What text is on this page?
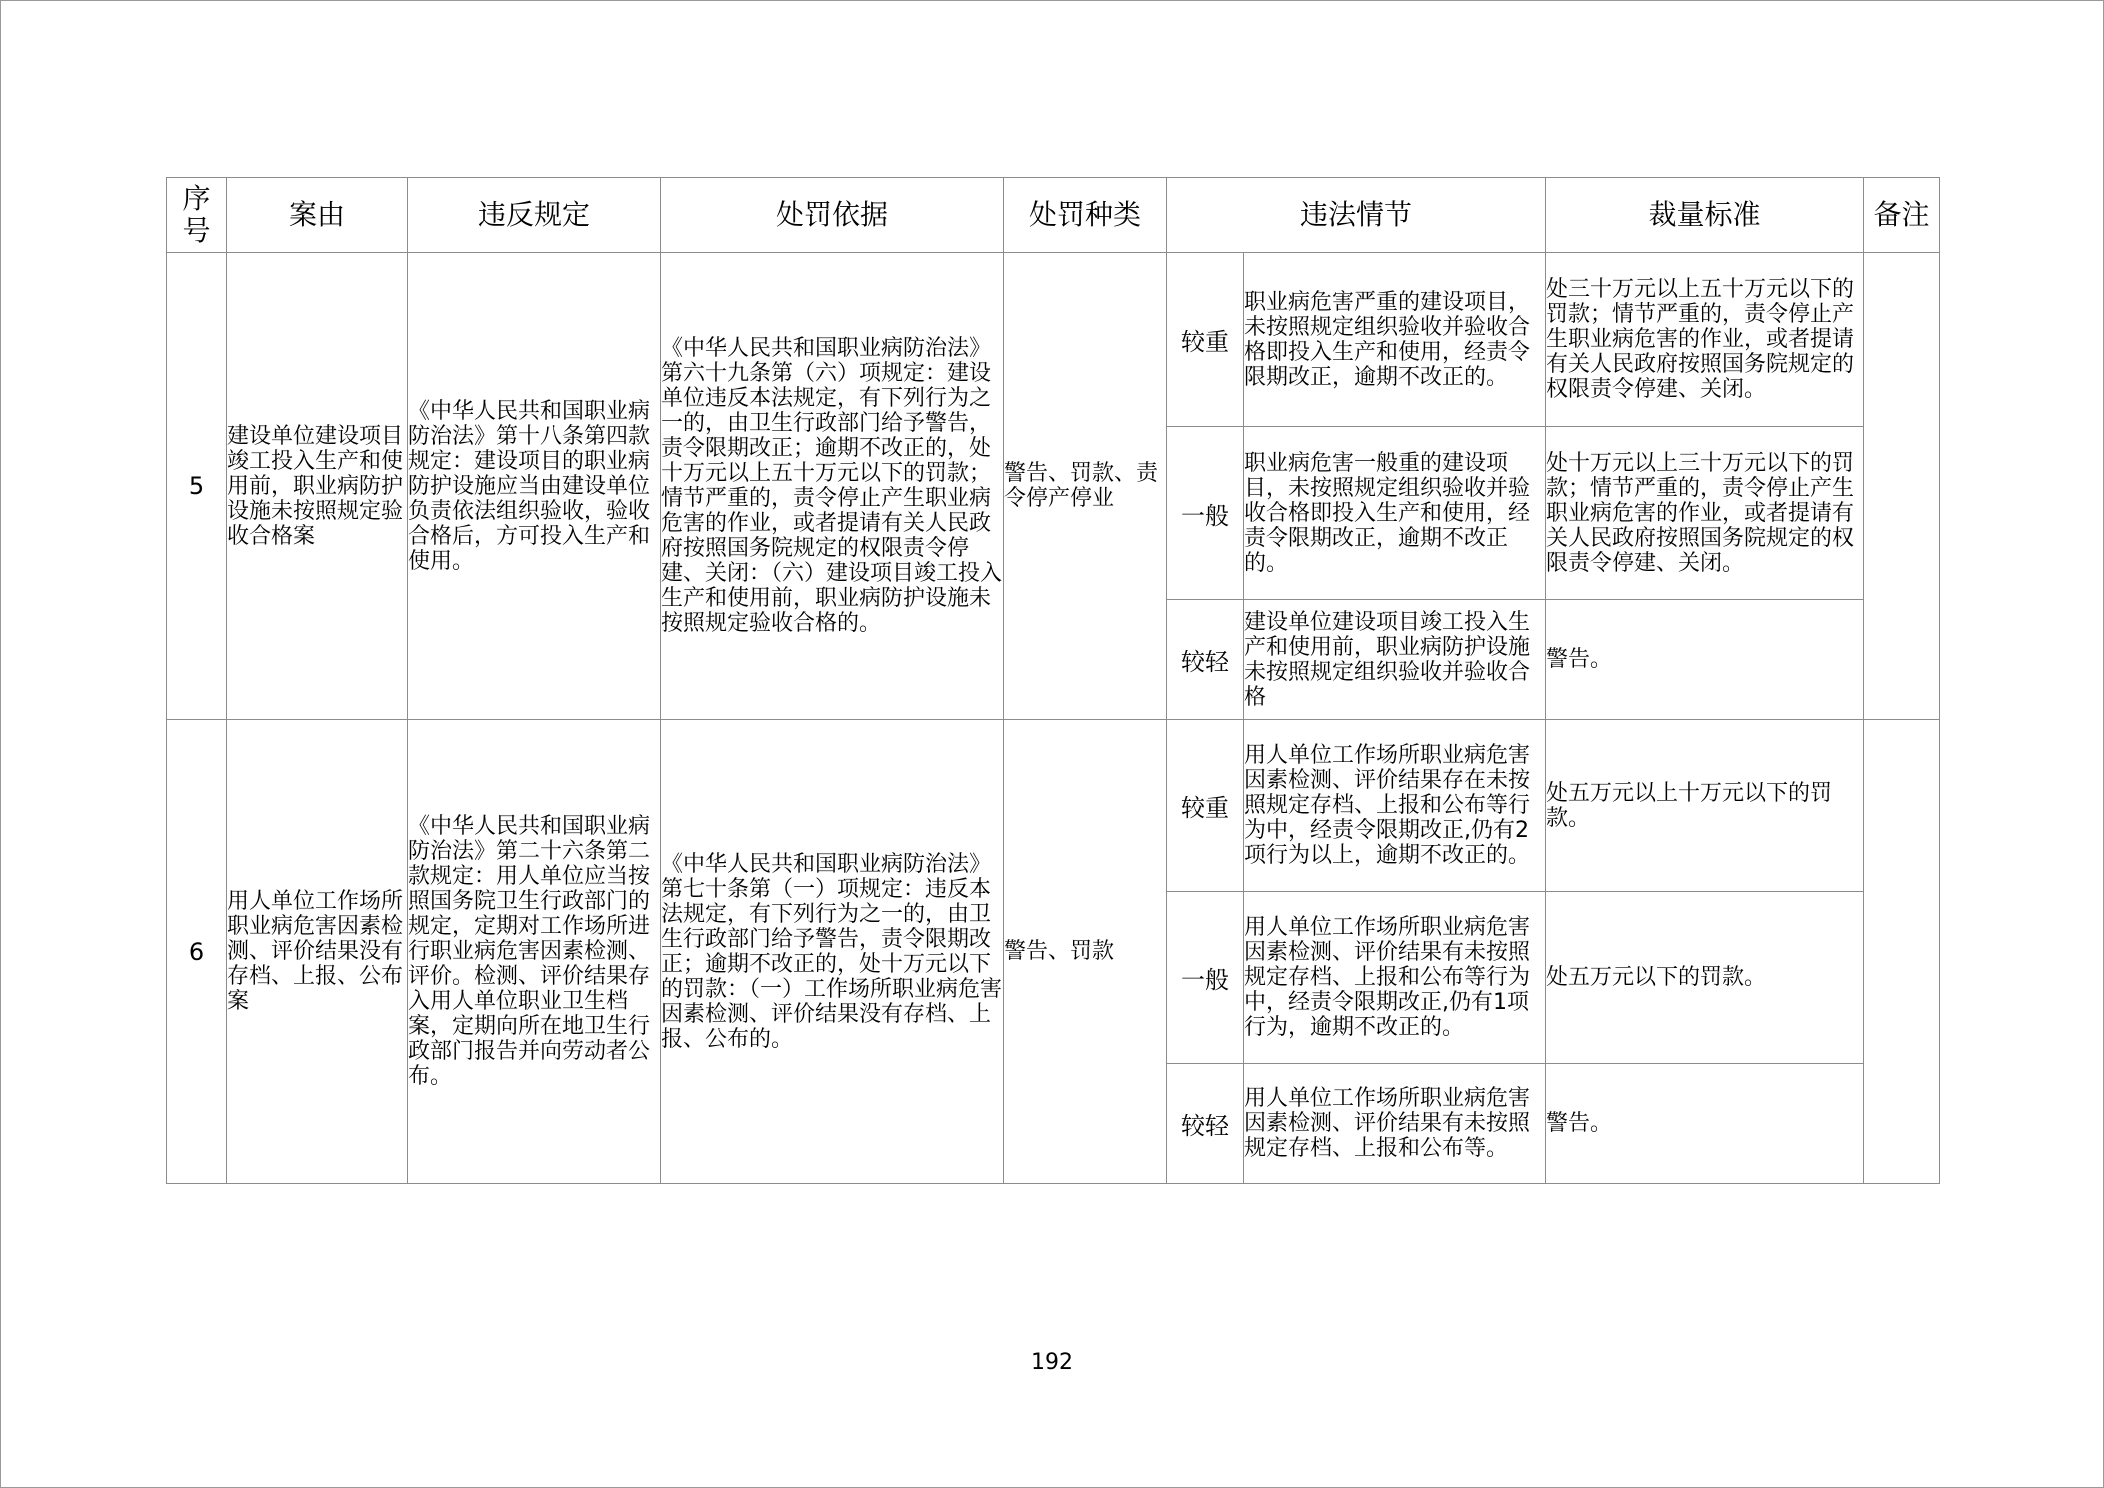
序号	案由	违反规定	处罚依据	处罚种类	违法情节		裁量标准	备注
5	建设单位建设项目竣工投入生产和使用前，职业病防护设施未按照规定验收合格案	《中华人民共和国职业病防治法》第十八条第四款规定：建设项目的职业病防护设施应当由建设单位负责依法组织验收，验收合格后，方可投入生产和使用。	《中华人民共和国职业病防治法》第六十九条第（六）项规定：建设单位违反本法规定，有下列行为之一的，由卫生行政部门给予警告，责令限期改正；逾期不改正的，处十万元以上五十万元以下的罚款；情节严重的，责令停止产生职业病危害的作业，或者提请有关人民政府按照国务院规定的权限责令停建、关闭：（六）建设项目竣工投入生产和使用前，职业病防护设施未按照规定验收合格的。	警告、罚款、责令停产停业	较重	职业病危害严重的建设项目，未按照规定组织验收并验收合格即投入生产和使用，经责令限期改正，逾期不改正的。	处三十万元以上五十万元以下的罚款；情节严重的，责令停止产生职业病危害的作业，或者提请有关人民政府按照国务院规定的权限责令停建、关闭。	
					一般	职业病危害一般重的建设项目，未按照规定组织验收并验收合格即投入生产和使用，经责令限期改正，逾期不改正的。	处十万元以上三十万元以下的罚款；情节严重的，责令停止产生职业病危害的作业，或者提请有关人民政府按照国务院规定的权限责令停建、关闭。	
					较轻	建设单位建设项目竣工投入生产和使用前，职业病防护设施未按照规定组织验收并验收合格	警告。	
6	用人单位工作场所职业病危害因素检测、评价结果没有存档、上报、公布案	《中华人民共和国职业病防治法》第二十六条第二款规定：用人单位应当按照国务院卫生行政部门的规定，定期对工作场所进行职业病危害因素检测、评价。检测、评价结果存入用人单位职业卫生档案，定期向所在地卫生行政部门报告并向劳动者公布。	《中华人民共和国职业病防治法》第七十条第（一）项规定：违反本法规定，有下列行为之一的，由卫生行政部门给予警告，责令限期改正；逾期不改正的，处十万元以下的罚款：（一）工作场所职业病危害因素检测、评价结果没有存档、上报、公布的。	警告、罚款	较重	用人单位工作场所职业病危害因素检测、评价结果存在未按照规定存档、上报和公布等行为中，经责令限期改正,仍有2项行为以上，逾期不改正的。	处五万元以上十万元以下的罚款。	
					一般	用人单位工作场所职业病危害因素检测、评价结果有未按照规定存档、上报和公布等行为中，经责令限期改正,仍有1项行为，逾期不改正的。	处五万元以下的罚款。	
					较轻	用人单位工作场所职业病危害因素检测、评价结果有未按照规定存档、上报和公布等。	警告。	
192
